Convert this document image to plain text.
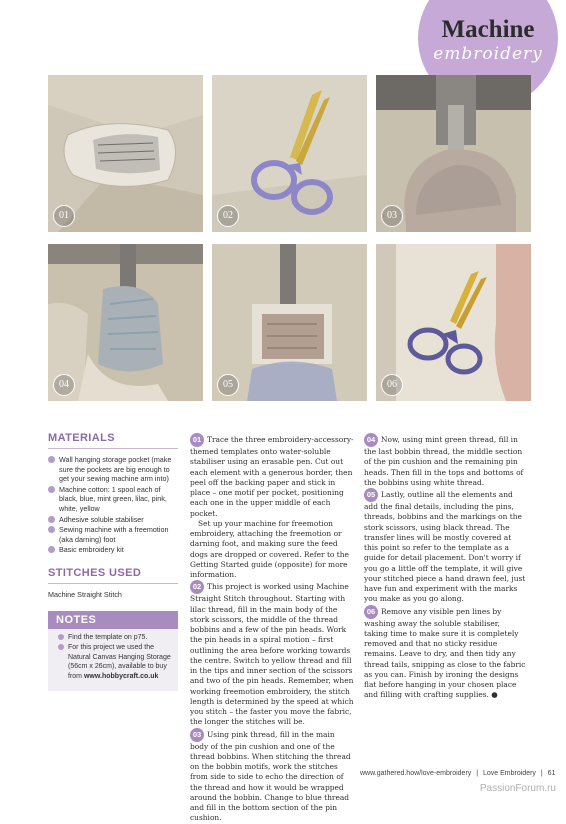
Machine
embroidery
01	02	03
04	05	06
MATERIALS
Wall hanging storage pocket (make sure the pockets are big enough to get your sewing machine arm into)
Machine cotton: 1 spool each of black, blue, mint green, lilac, pink, white, yellow
Adhesive soluble stabiliser
Sewing machine with a freemotion (aka darning) foot
Basic embroidery kit
STITCHES USED
Machine Straight Stitch
NOTES
Find the template on p75.
For this project we used the Natural Canvas Hanging Storage (56cm x 26cm), available to buy from www.hobbycraft.co.uk

01 Trace the three embroidery-accessory-themed templates onto water-soluble stabiliser using an erasable pen. Cut out each element with a generous border, then peel off the backing paper and stick in place – one motif per pocket, positioning each one in the upper middle of each pocket.

Set up your machine for freemotion embroidery, attaching the freemotion or darning foot, and making sure the feed dogs are dropped or covered. Refer to the Getting Started guide (opposite) for more information.

02 This project is worked using Machine Straight Stitch throughout. Starting with lilac thread, fill in the main body of the stork scissors, the middle of the thread bobbins and a few of the pin heads. Work the pin heads in a spiral motion – first outlining the area before working towards the centre. Switch to yellow thread and fill in the tips and inner section of the scissors and two of the pin heads. Remember, when working freemotion embroidery, the stitch length is determined by the speed at which you stitch – the faster you move the fabric, the longer the stitches will be.

03 Using pink thread, fill in the main body of the pin cushion and one of the thread bobbins. When stitching the thread on the bobbin motifs, work the stitches from side to side to echo the direction of the thread and how it would be wrapped around the bobbin. Change to blue thread and fill in the bottom section of the pin cushion.

04 Now, using mint green thread, fill in the last bobbin thread, the middle section of the pin cushion and the remaining pin heads. Then fill in the tops and bottoms of the bobbins using white thread.

05 Lastly, outline all the elements and add the final details, including the pins, threads, bobbins and the markings on the stork scissors, using black thread. The transfer lines will be mostly covered at this point so refer to the template as a guide for detail placement. Don't worry if you go a little off the template, it will give your stitched piece a hand drawn feel, just have fun and experiment with the marks you make as you go along.

06 Remove any visible pen lines by washing away the soluble stabiliser, taking time to make sure it is completely removed and that no sticky residue remains. Leave to dry, and then tidy any thread tails, snipping as close to the fabric as you can. Finish by ironing the designs flat before hanging in your chosen place and filling with crafting supplies. ●

www.gathered.how/love-embroidery | Love Embroidery | 61
PassionForum.ru
